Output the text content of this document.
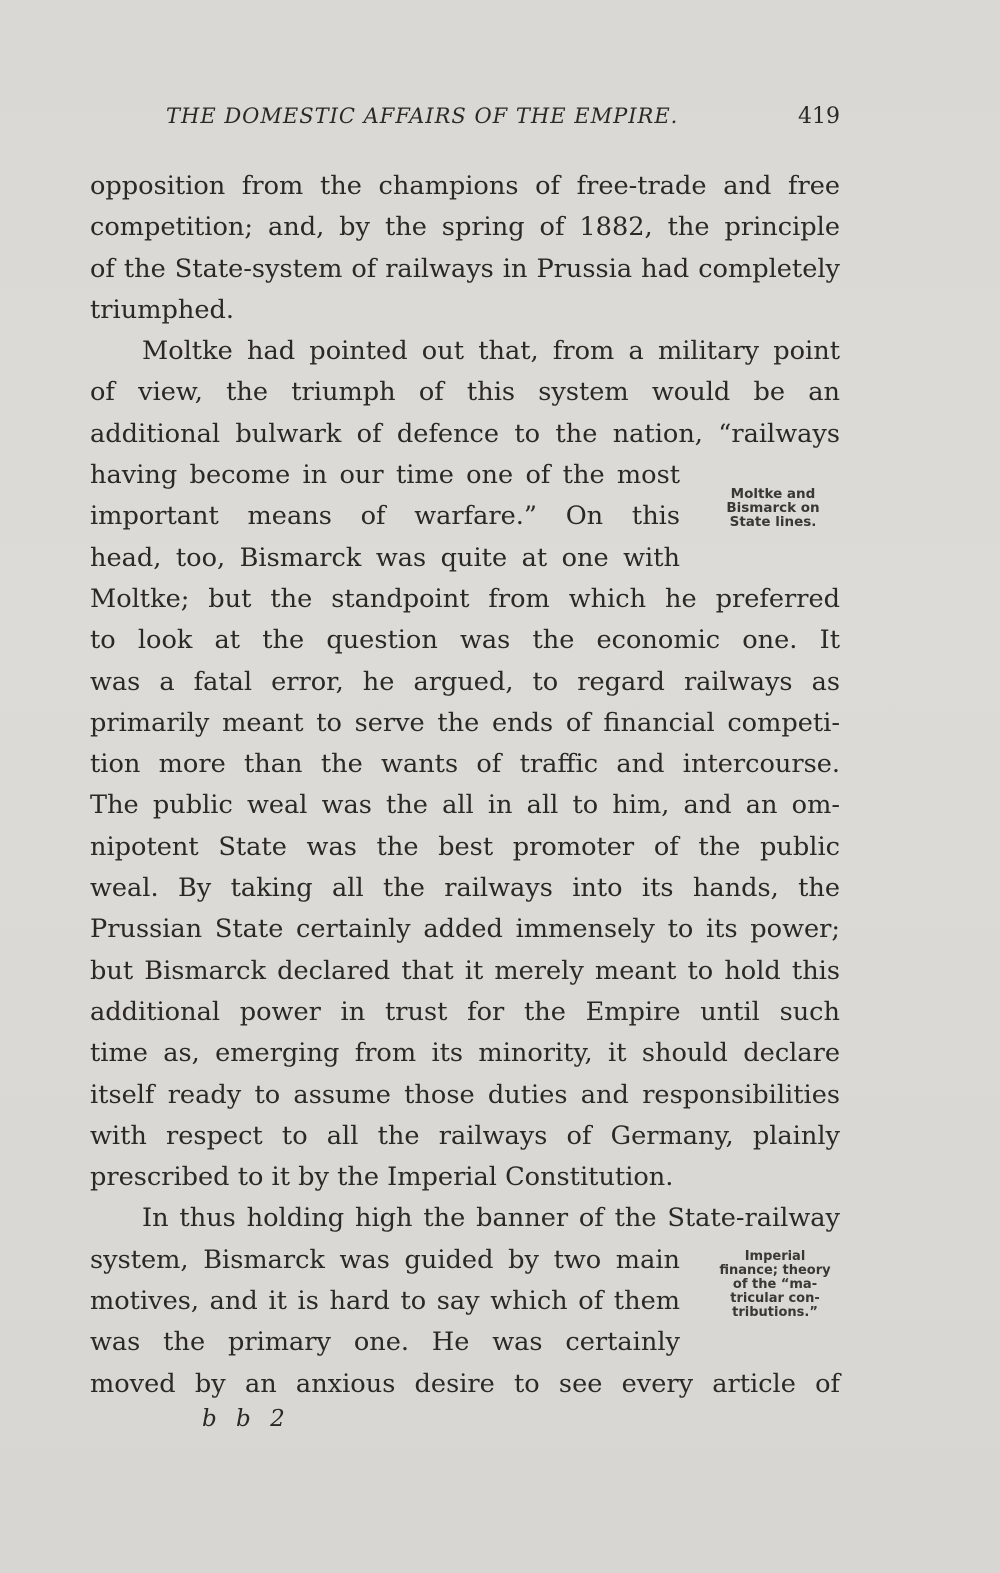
THE DOMESTIC AFFAIRS OF THE EMPIRE.	419

opposition from the champions of free-trade and free
competition; and, by the spring of 1882, the principle
of the State-system of railways in Prussia had completely
triumphed.

Moltke had pointed out that, from a military point
of view, the triumph of this system would be an
additional bulwark of defence to the nation, “railways
having become in our time one of the most
important means of warfare.” On this
head, too, Bismarck was quite at one with
Moltke; but the standpoint from which he preferred
to look at the question was the economic one. It
was a fatal error, he argued, to regard railways as
primarily meant to serve the ends of financial competi-
tion more than the wants of traffic and intercourse.
The public weal was the all in all to him, and an om-
nipotent State was the best promoter of the public
weal. By taking all the railways into its hands, the
Prussian State certainly added immensely to its power;
but Bismarck declared that it merely meant to hold this
additional power in trust for the Empire until such
time as, emerging from its minority, it should declare
itself ready to assume those duties and responsibilities
with respect to all the railways of Germany, plainly
prescribed to it by the Imperial Constitution.

In thus holding high the banner of the State-railway
system, Bismarck was guided by two main
motives, and it is hard to say which of them
was the primary one. He was certainly
moved by an anxious desire to see every article of

Moltke and
Bismarck on
State lines.
Imperial
finance; theory
of the “ma-
tricular con-
tributions.”
b b 2
